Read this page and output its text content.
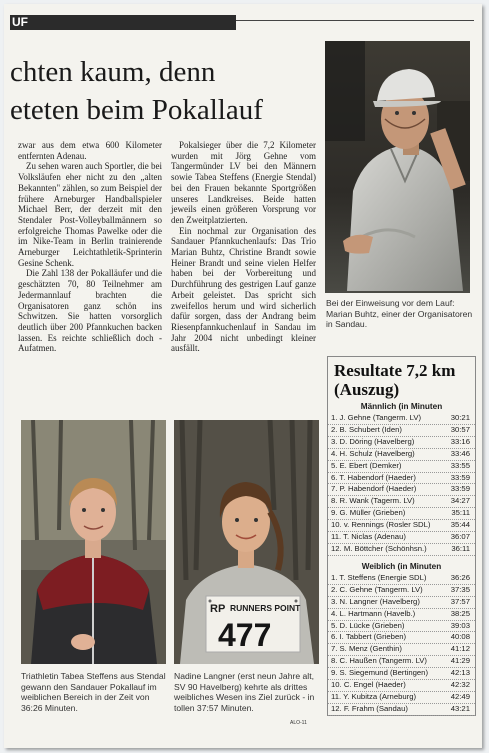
UF
chten kaum, denn
eteten beim Pokallauf

zwar aus dem etwa 600 Kilometer entfernten Adenau.

Zu sehen waren auch Sportler, die bei Volksläufen eher nicht zu den „alten Bekannten" zählen, so zum Beispiel der frühere Arneburger Handballspieler Michael Berr, der derzeit mit den Stendaler Post-Volleyballmännern so erfolgreiche Thomas Pawelke oder die im Nike-Team in Berlin trainierende Arneburger Leichtathletik-Sprinterin Gesine Schenk.

Die Zahl 138 der Pokalläufer und die geschätzten 70, 80 Teilnehmer am Jedermannlauf brachten die Organisatoren ganz schön ins Schwitzen. Sie hatten vorsorglich deutlich über 200 Pfannkuchen backen lassen. Es reichte schließlich doch - Aufatmen.

Pokalsieger über die 7,2 Kilometer wurden mit Jörg Gehne vom Tangermünder LV bei den Männern sowie Tabea Steffens (Energie Stendal) bei den Frauen bekannte Sportgrößen unseres Landkreises. Beide hatten jeweils einen größeren Vorsprung vor den Zweitplatzierten.

Ein nochmal zur Organisation des Sandauer Pfannkuchenlaufs: Das Trio Marian Buhtz, Christine Brandt sowie Heiner Brandt und seine vielen Helfer haben bei der Vorbereitung und Durchführung des gestrigen Lauf ganze Arbeit geleistet. Das spricht sich zweifellos herum und wird sicherlich dafür sorgen, dass der Andrang beim Riesenpfannkuchenlauf in Sandau im Jahr 2004 nicht unbedingt kleiner ausfällt.

Bei der Einweisung vor dem Lauf: Marian Buhtz, einer der Organisatoren in Sandau.
Triathletin Tabea Steffens aus Stendal gewann den Sandauer Pokallauf im weiblichen Bereich in der Zeit von 36:26 Minuten.
RP RUNNERS POINT
477
Nadine Langner (erst neun Jahre alt, SV 90 Havelberg) kehrte als drittes weibliches Wesen ins Ziel zurück - in tollen 37:57 Minuten.
Resultate 7,2 km
(Auszug)
Männlich (in Minuten
1. J. Gehne (Tangerm. LV)	30:21
2. B. Schubert (Iden)	30:57
3. D. Döring (Havelberg)	33:16
4. H. Schulz (Havelberg)	33:46
5. E. Ebert (Demker)	33:55
6. T. Habendorf (Haeder)	33:59
7. P. Habendorf (Haeder)	33:59
8. R. Wank (Tagerm. LV)	34:27
9. G. Müller (Grieben)	35:11
10. v. Rennings (Rosler SDL)	35:44
11. T. Niclas (Adenau)	36:07
12. M. Böttcher (Schönhsn.)	36:11
Weiblich (in Minuten
1. T. Steffens (Energie SDL)	36:26
2. C. Gehne (Tangerm. LV)	37:35
3. N. Langner (Havelberg)	37:57
4. L. Hartmann (Havelb.)	38:25
5. D. Lücke (Grieben)	39:03
6. I. Tabbert (Grieben)	40:08
7. S. Menz (Genthin)	41:12
8. C. Haußen (Tangerm. LV)	41:29
9. S. Siegemund (Bertingen)	42:13
10. C. Engel (Haeder)	42:32
11. Y. Kubitza (Arneburg)	42:49
12. F. Frahm (Sandau)	43:21
ALO-11
